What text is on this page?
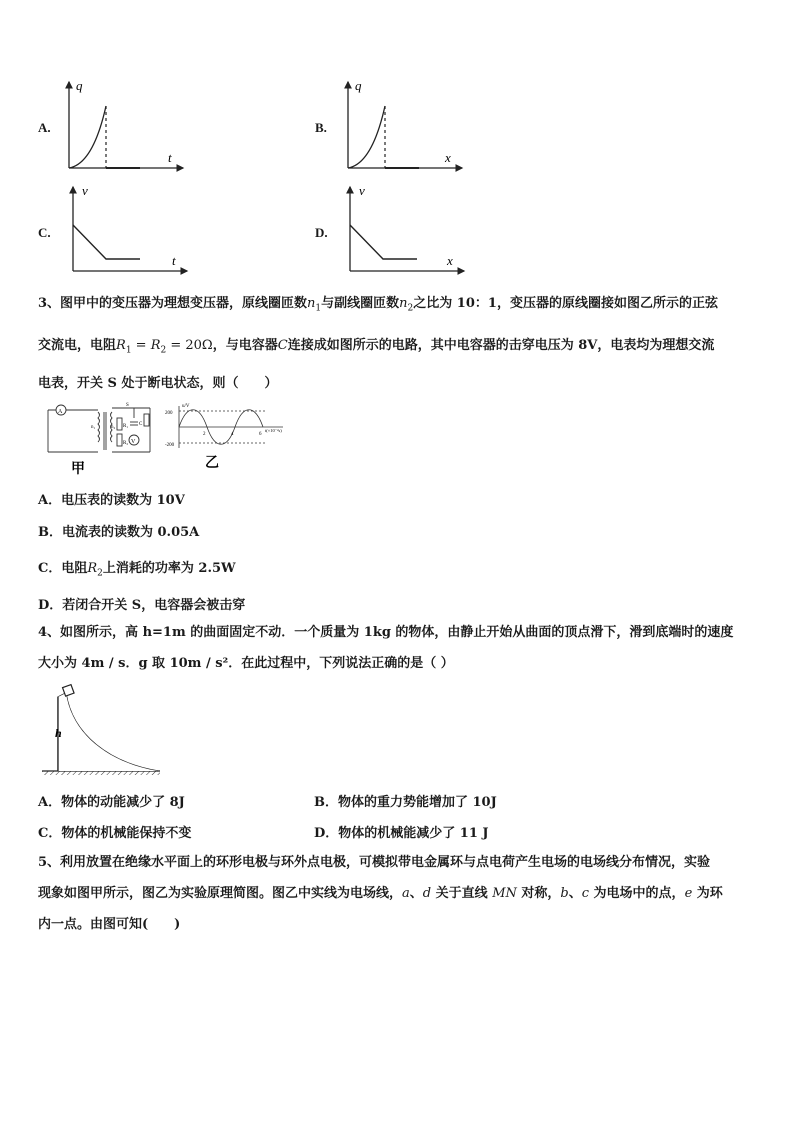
A.
q
t
B.
q
x
C.
v
t
D.
v
x
3、图甲中的变压器为理想变压器，原线圈匝数$n_1$与副线圈匝数$n_2$之比为 10：1，变压器的原线圈接如图乙所示的正弦
交流电，电阻$R_1 = R_2 = 20\Omega$，与电容器C连接成如图所示的电路，其中电容器的击穿电压为 8V，电表均为理想交流
电表，开关 S 处于断电状态，则（　　）
A
V
S
C
R₁
R₂
n₁	n₂
甲
u/V
200
-200
2	4	6
t(×10⁻²s)
乙
A．电压表的读数为 10V
B．电流表的读数为 0.05A
C．电阻$R_2$上消耗的功率为 2.5W
D．若闭合开关 S，电容器会被击穿
4、如图所示，高 h=1m 的曲面固定不动．一个质量为 1kg 的物体，由静止开始从曲面的顶点滑下，滑到底端时的速度
大小为 4m / s．g 取 10m / s²．在此过程中，下列说法正确的是（ ）
h
A．物体的动能减少了 8J	B．物体的重力势能增加了 10J
C．物体的机械能保持不变	D．物体的机械能减少了 11 J
5、利用放置在绝缘水平面上的环形电极与环外点电极，可模拟带电金属环与点电荷产生电场的电场线分布情况，实验
现象如图甲所示，图乙为实验原理简图。图乙中实线为电场线，a、d 关于直线 MN 对称，b、c 为电场中的点，e 为环
内一点。由图可知(　　)
